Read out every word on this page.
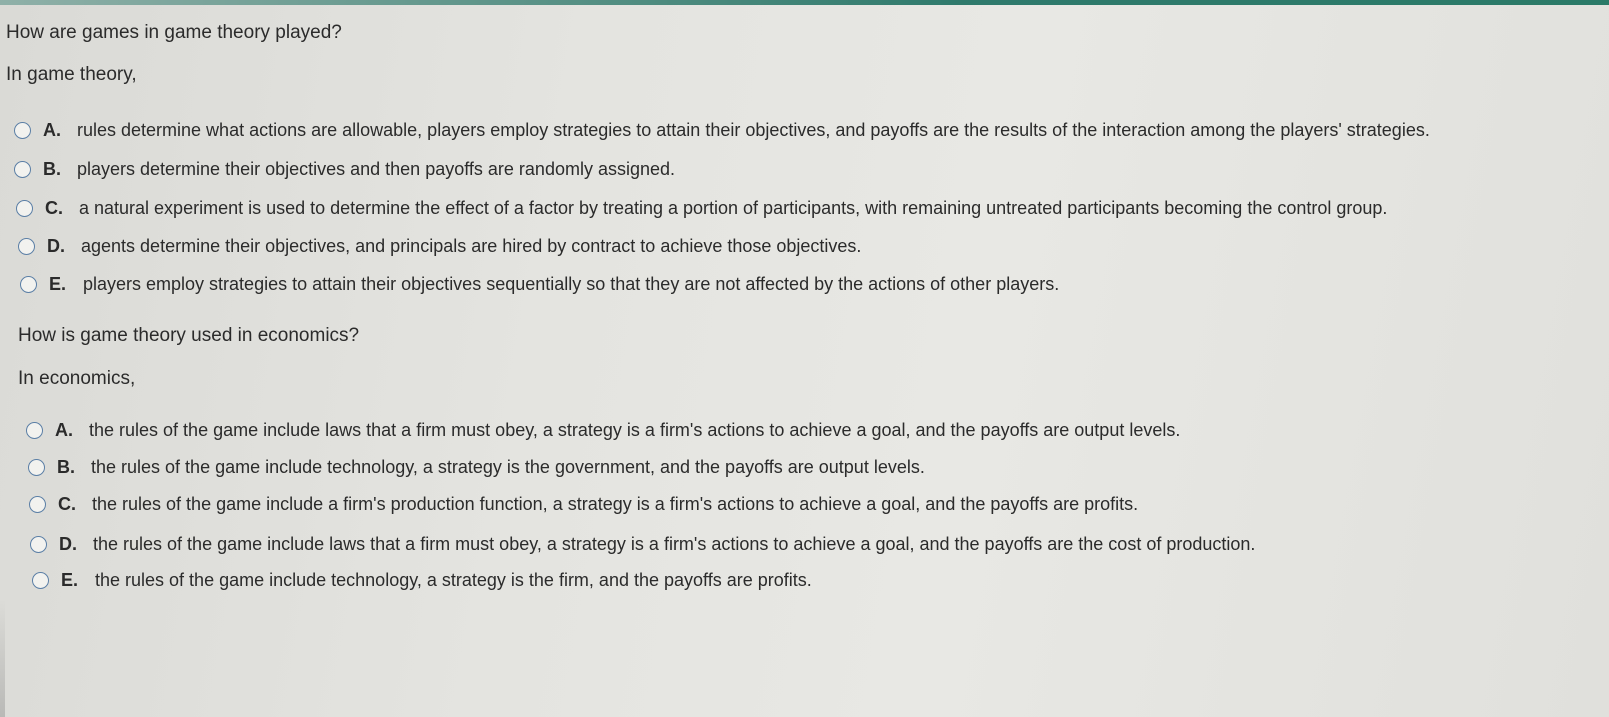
How are games in game theory played?
In game theory,
A. rules determine what actions are allowable, players employ strategies to attain their objectives, and payoffs are the results of the interaction among the players' strategies.
B. players determine their objectives and then payoffs are randomly assigned.
C. a natural experiment is used to determine the effect of a factor by treating a portion of participants, with remaining untreated participants becoming the control group.
D. agents determine their objectives, and principals are hired by contract to achieve those objectives.
E. players employ strategies to attain their objectives sequentially so that they are not affected by the actions of other players.
How is game theory used in economics?
In economics,
A. the rules of the game include laws that a firm must obey, a strategy is a firm's actions to achieve a goal, and the payoffs are output levels.
B. the rules of the game include technology, a strategy is the government, and the payoffs are output levels.
C. the rules of the game include a firm's production function, a strategy is a firm's actions to achieve a goal, and the payoffs are profits.
D. the rules of the game include laws that a firm must obey, a strategy is a firm's actions to achieve a goal, and the payoffs are the cost of production.
E. the rules of the game include technology, a strategy is the firm, and the payoffs are profits.
